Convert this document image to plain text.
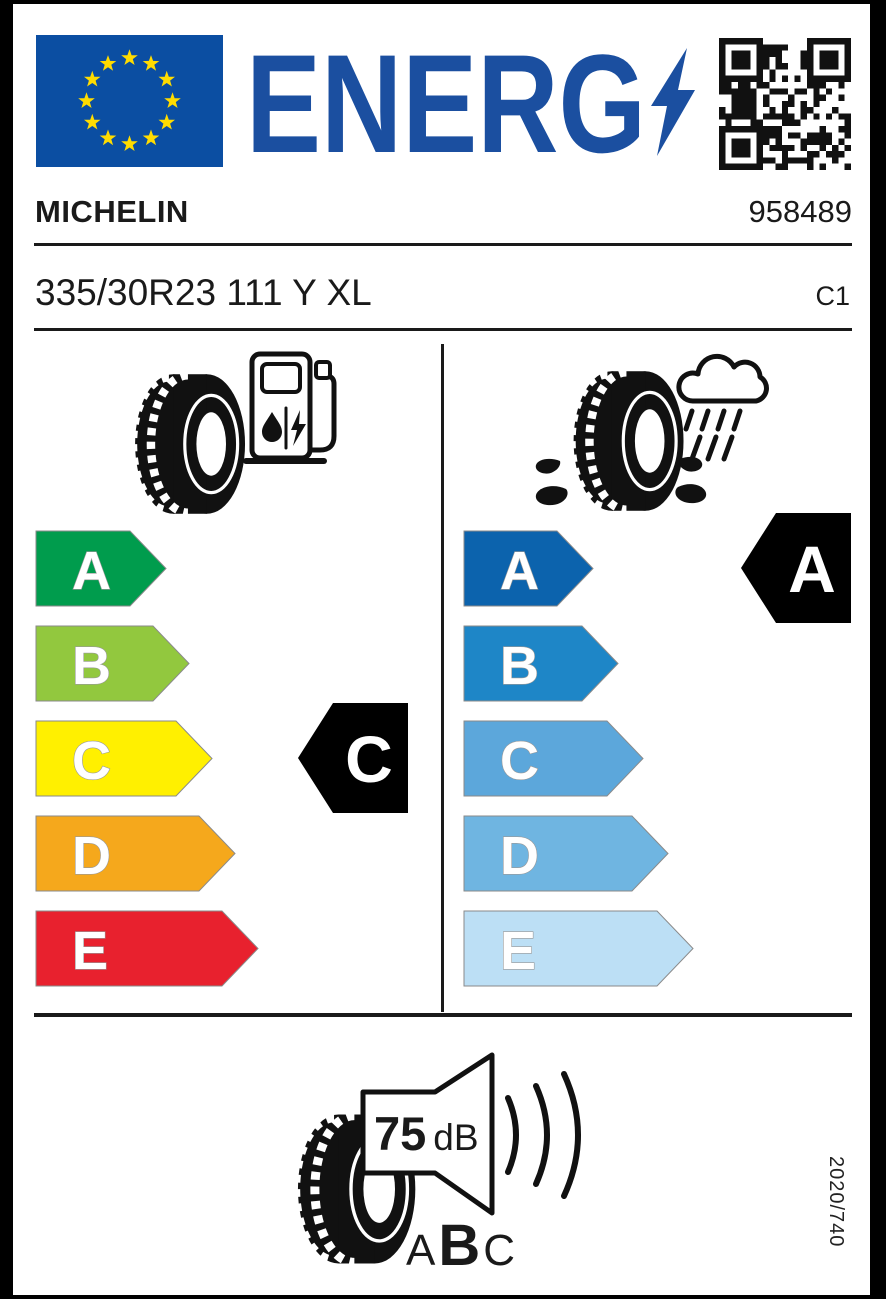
ENERG
MICHELIN	958489
335/30R23 111 Y XL	C1
A
B
C
D
E
A
B
C
D
E
C
A
75 dB
A B C
2020/740
